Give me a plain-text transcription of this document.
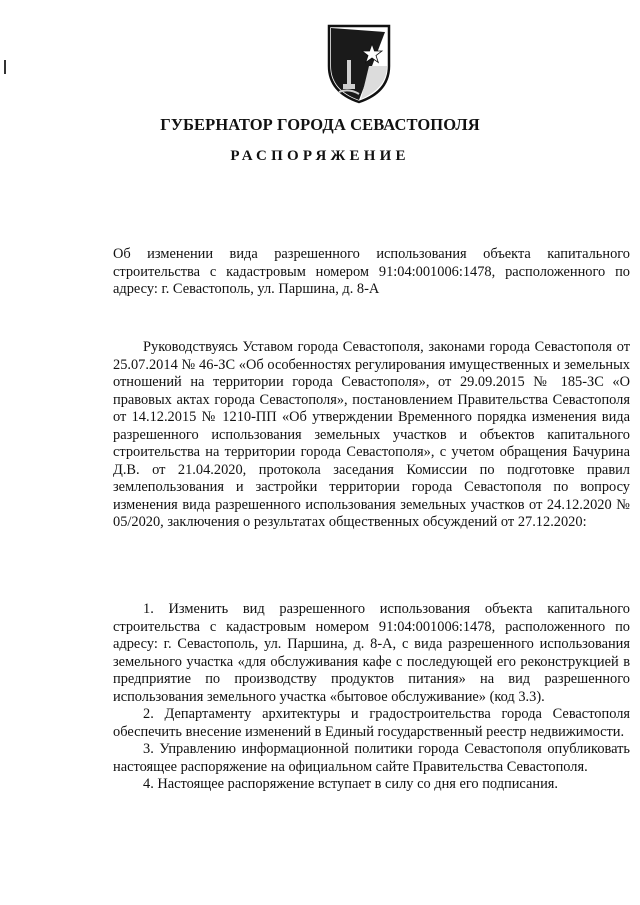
ГУБЕРНАТОР ГОРОДА СЕВАСТОПОЛЯ
РАСПОРЯЖЕНИЕ

Об изменении вида разрешенного использования объекта капитального строительства с кадастровым номером 91:04:001006:1478, расположенного по адресу: г. Севастополь, ул. Паршина, д. 8-А

Руководствуясь Уставом города Севастополя, законами города Севастополя от 25.07.2014 № 46-ЗС «Об особенностях регулирования имущественных и земельных отношений на территории города Севастополя», от 29.09.2015 № 185-ЗС «О правовых актах города Севастополя», постановлением Правительства Севастополя от 14.12.2015 № 1210-ПП «Об утверждении Временного порядка изменения вида разрешенного использования земельных участков и объектов капитального строительства на территории города Севастополя», с учетом обращения Бачурина Д.В. от 21.04.2020, протокола заседания Комиссии по подготовке правил землепользования и застройки территории города Севастополя по вопросу изменения вида разрешенного использования земельных участков от 24.12.2020 № 05/2020, заключения о результатах общественных обсуждений от 27.12.2020:

1. Изменить вид разрешенного использования объекта капитального строительства с кадастровым номером 91:04:001006:1478, расположенного по адресу: г. Севастополь, ул. Паршина, д. 8-А, с вида разрешенного использования земельного участка «для обслуживания кафе с последующей его реконструкцией в предприятие по производству продуктов питания» на вид разрешенного использования земельного участка «бытовое обслуживание» (код 3.3).

2. Департаменту архитектуры и градостроительства города Севастополя обеспечить внесение изменений в Единый государственный реестр недвижимости.

3. Управлению информационной политики города Севастополя опубликовать настоящее распоряжение на официальном сайте Правительства Севастополя.

4. Настоящее распоряжение вступает в силу со дня его подписания.
